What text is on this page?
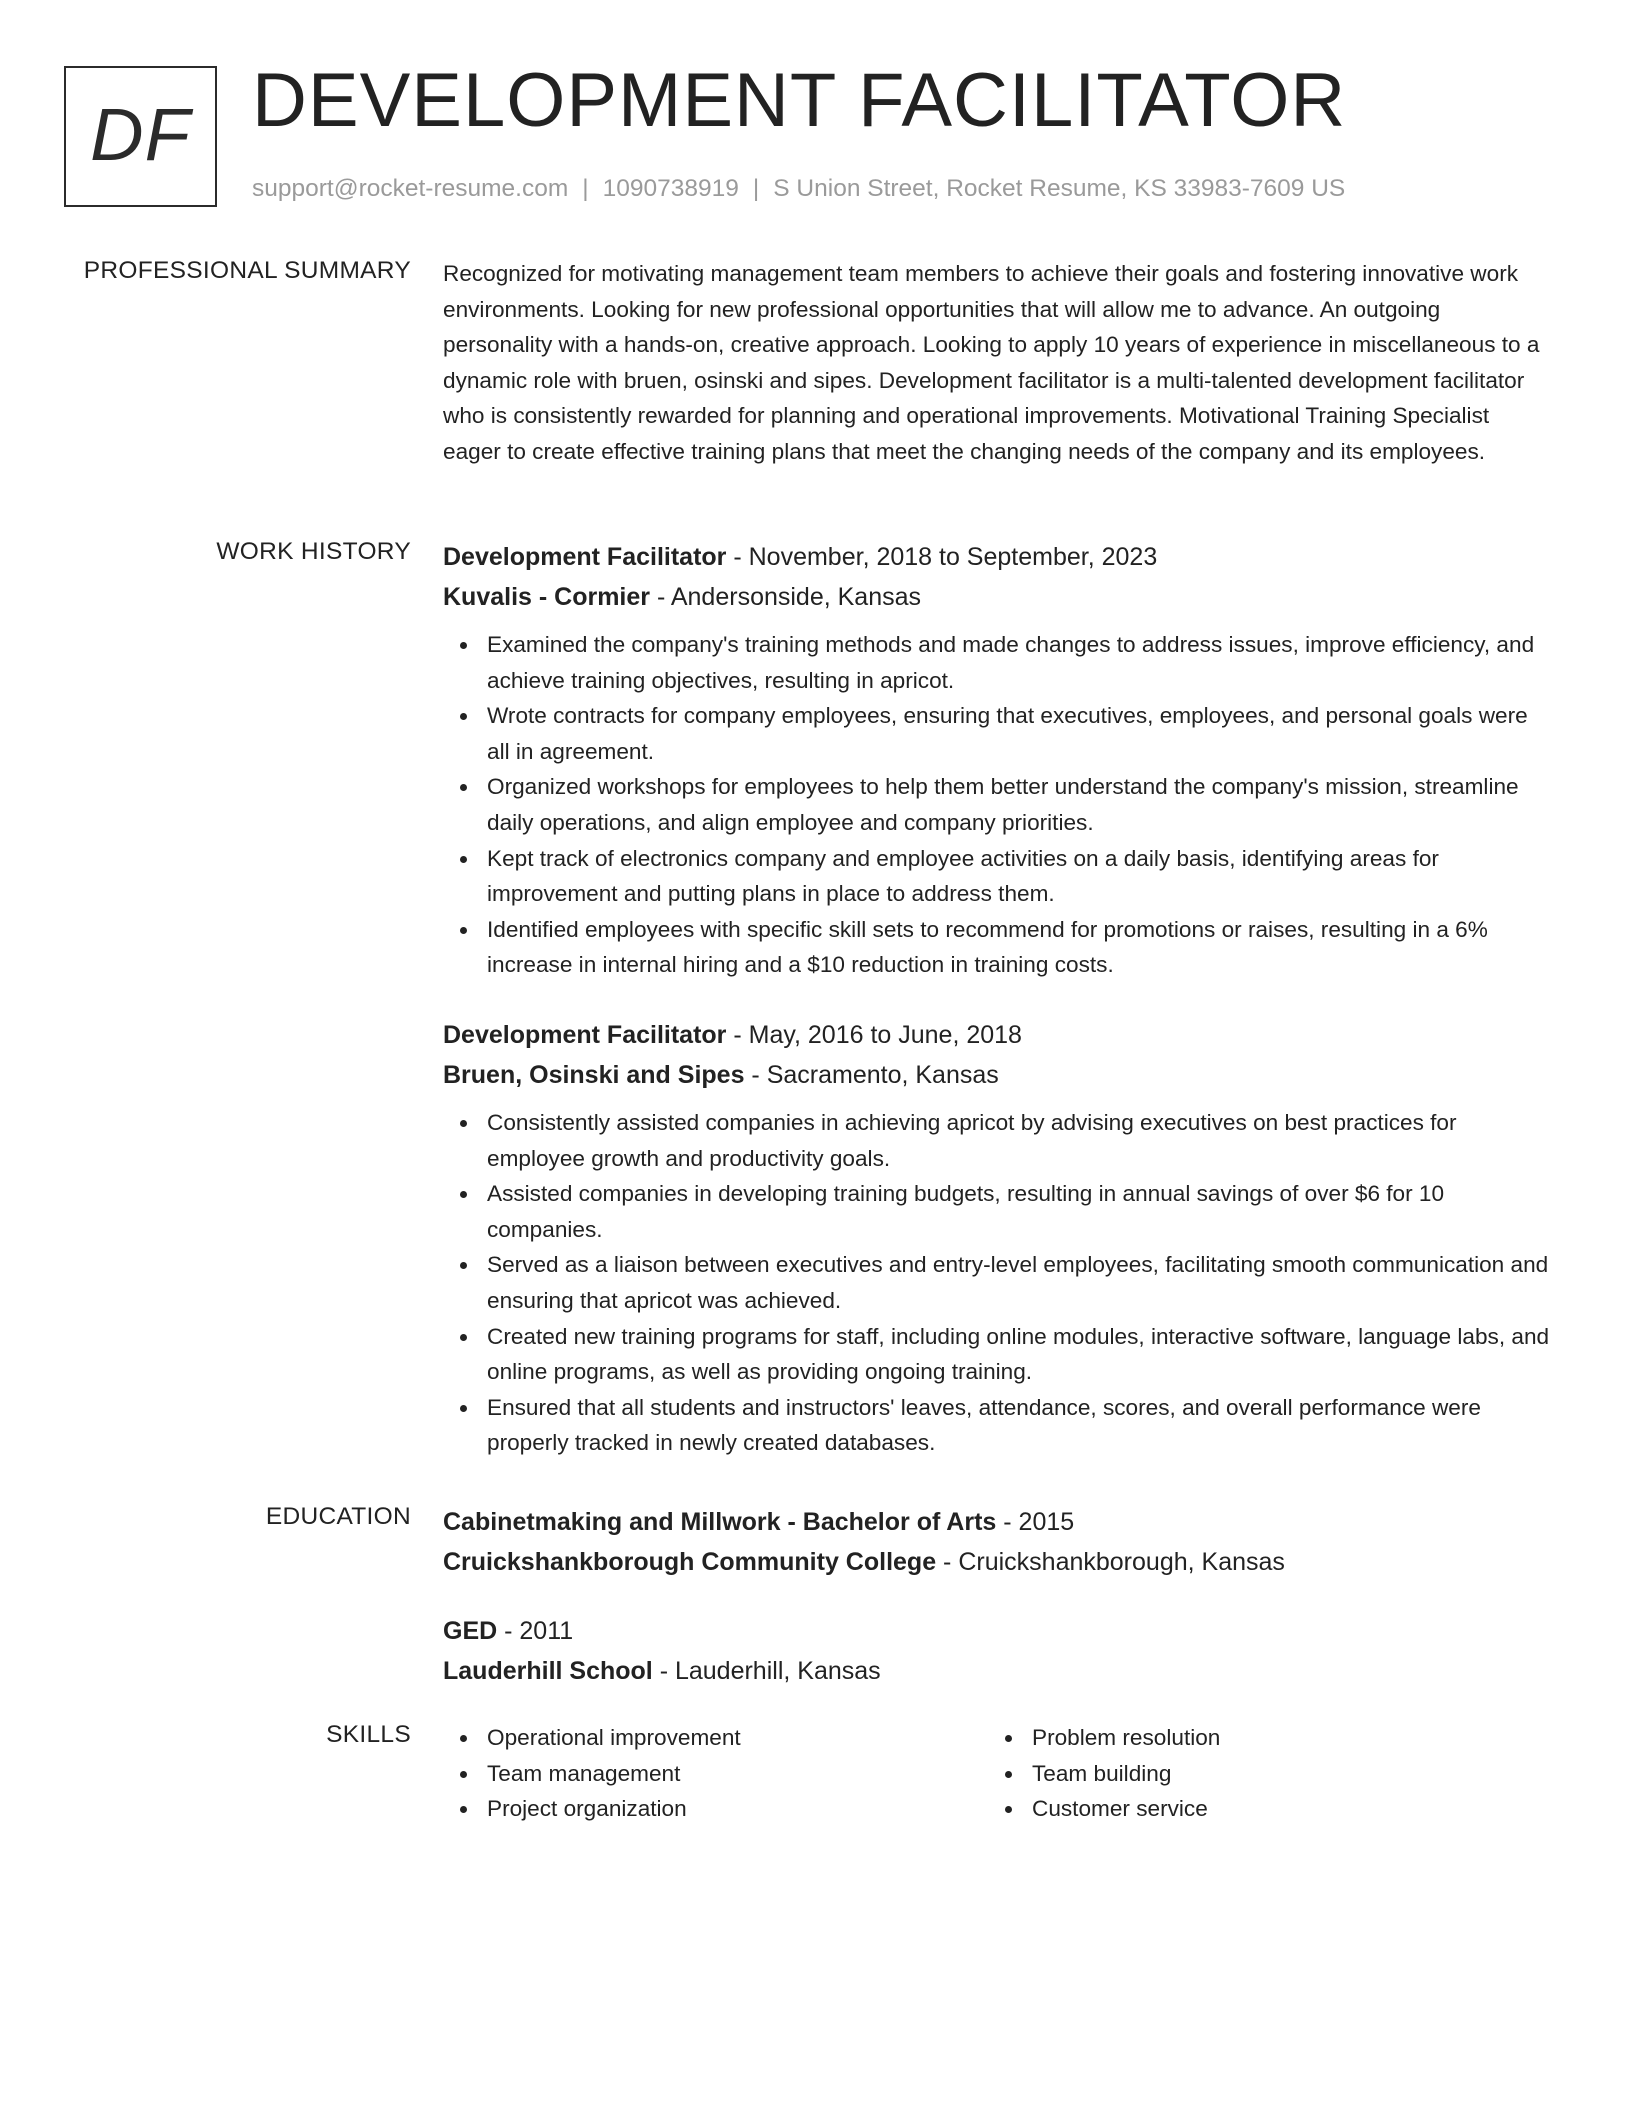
DF DEVELOPMENT FACILITATOR
support@rocket-resume.com | 1090738919 | S Union Street, Rocket Resume, KS 33983-7609 US
PROFESSIONAL SUMMARY Recognized for motivating management team members to achieve their goals and fostering innovative work environments. Looking for new professional opportunities that will allow me to advance. An outgoing personality with a hands-on, creative approach. Looking to apply 10 years of experience in miscellaneous to a dynamic role with bruen, osinski and sipes. Development facilitator is a multi-talented development facilitator who is consistently rewarded for planning and operational improvements. Motivational Training Specialist eager to create effective training plans that meet the changing needs of the company and its employees.

WORK HISTORY Development Facilitator - November, 2018 to September, 2023
Kuvalis - Cormier - Andersonside, Kansas
Examined the company's training methods and made changes to address issues, improve efficiency, and achieve training objectives, resulting in apricot.
Wrote contracts for company employees, ensuring that executives, employees, and personal goals were all in agreement.
Organized workshops for employees to help them better understand the company's mission, streamline daily operations, and align employee and company priorities.
Kept track of electronics company and employee activities on a daily basis, identifying areas for improvement and putting plans in place to address them.
Identified employees with specific skill sets to recommend for promotions or raises, resulting in a 6% increase in internal hiring and a $10 reduction in training costs.
Development Facilitator - May, 2016 to June, 2018
Bruen, Osinski and Sipes - Sacramento, Kansas
Consistently assisted companies in achieving apricot by advising executives on best practices for employee growth and productivity goals.
Assisted companies in developing training budgets, resulting in annual savings of over $6 for 10 companies.
Served as a liaison between executives and entry-level employees, facilitating smooth communication and ensuring that apricot was achieved.
Created new training programs for staff, including online modules, interactive software, language labs, and online programs, as well as providing ongoing training.
Ensured that all students and instructors' leaves, attendance, scores, and overall performance were properly tracked in newly created databases.
EDUCATION Cabinetmaking and Millwork - Bachelor of Arts - 2015
Cruickshankborough Community College - Cruickshankborough, Kansas
GED - 2011
Lauderhill School - Lauderhill, Kansas
SKILLS	Operational improvement
Team management
Project organization
Problem resolution
Team building
Customer service
